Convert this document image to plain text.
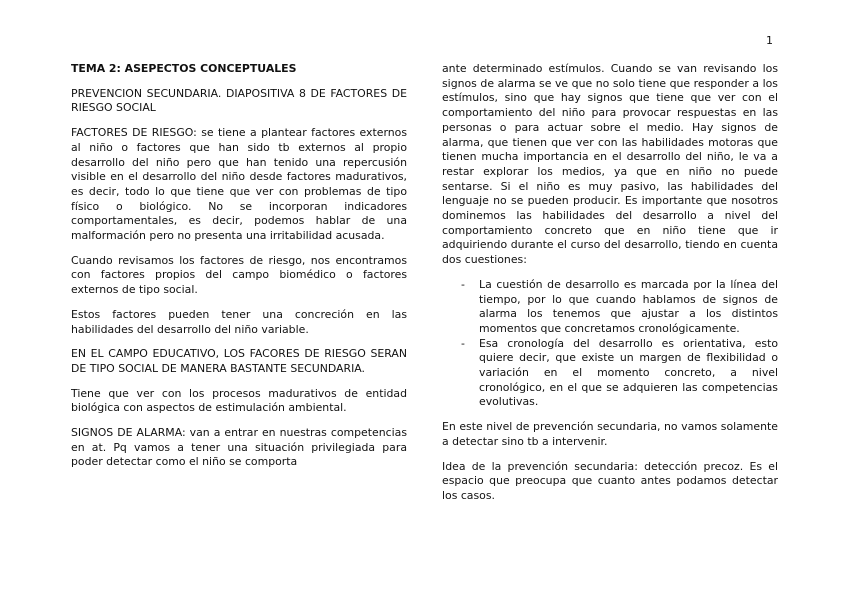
1

TEMA 2: ASEPECTOS CONCEPTUALES

PREVENCION SECUNDARIA. DIAPOSITIVA 8 DE FACTORES DE RIESGO SOCIAL

FACTORES DE RIESGO: se tiene a plantear factores externos al niño o factores que han sido tb externos al propio desarrollo del niño pero que han tenido una repercusión visible en el desarrollo del niño desde factores madurativos, es decir, todo lo que tiene que ver con problemas de tipo físico o biológico. No se incorporan indicadores comportamentales, es decir, podemos hablar de una malformación pero no presenta una irritabilidad acusada.

Cuando revisamos los factores de riesgo, nos encontramos con factores propios del campo biomédico o factores externos de tipo social.

Estos factores pueden tener una concreción en las habilidades del desarrollo del niño variable.

EN EL CAMPO EDUCATIVO, LOS FACORES DE RIESGO SERAN DE TIPO SOCIAL DE MANERA BASTANTE SECUNDARIA.

Tiene que ver con los procesos madurativos de entidad biológica con aspectos de estimulación ambiental.

SIGNOS DE ALARMA: van a entrar en nuestras competencias en at. Pq vamos a tener una situación privilegiada para poder detectar como el niño se comporta

ante determinado estímulos. Cuando se van revisando los signos de alarma se ve que no solo tiene que responder a los estímulos, sino que hay signos que tiene que ver con el comportamiento del niño para provocar respuestas en las personas o para actuar sobre el medio. Hay signos de alarma, que tienen que ver con las habilidades motoras que tienen mucha importancia en el desarrollo del niño, le va a restar explorar los medios, ya que en niño no puede sentarse. Si el niño es muy pasivo, las habilidades del lenguaje no se pueden producir. Es importante que nosotros dominemos las habilidades del desarrollo a nivel del comportamiento concreto que en niño tiene que ir adquiriendo durante el curso del desarrollo, tiendo en cuenta dos cuestiones:

- La cuestión de desarrollo es marcada por la línea del tiempo, por lo que cuando hablamos de signos de alarma los tenemos que ajustar a los distintos momentos que concretamos cronológicamente.
- Esa cronología del desarrollo es orientativa, esto quiere decir, que existe un margen de flexibilidad o variación en el momento concreto, a nivel cronológico, en el que se adquieren las competencias evolutivas.

En este nivel de prevención secundaria, no vamos solamente a detectar sino tb a intervenir.

Idea de la prevención secundaria: detección precoz. Es el espacio que preocupa que cuanto antes podamos detectar los casos.
